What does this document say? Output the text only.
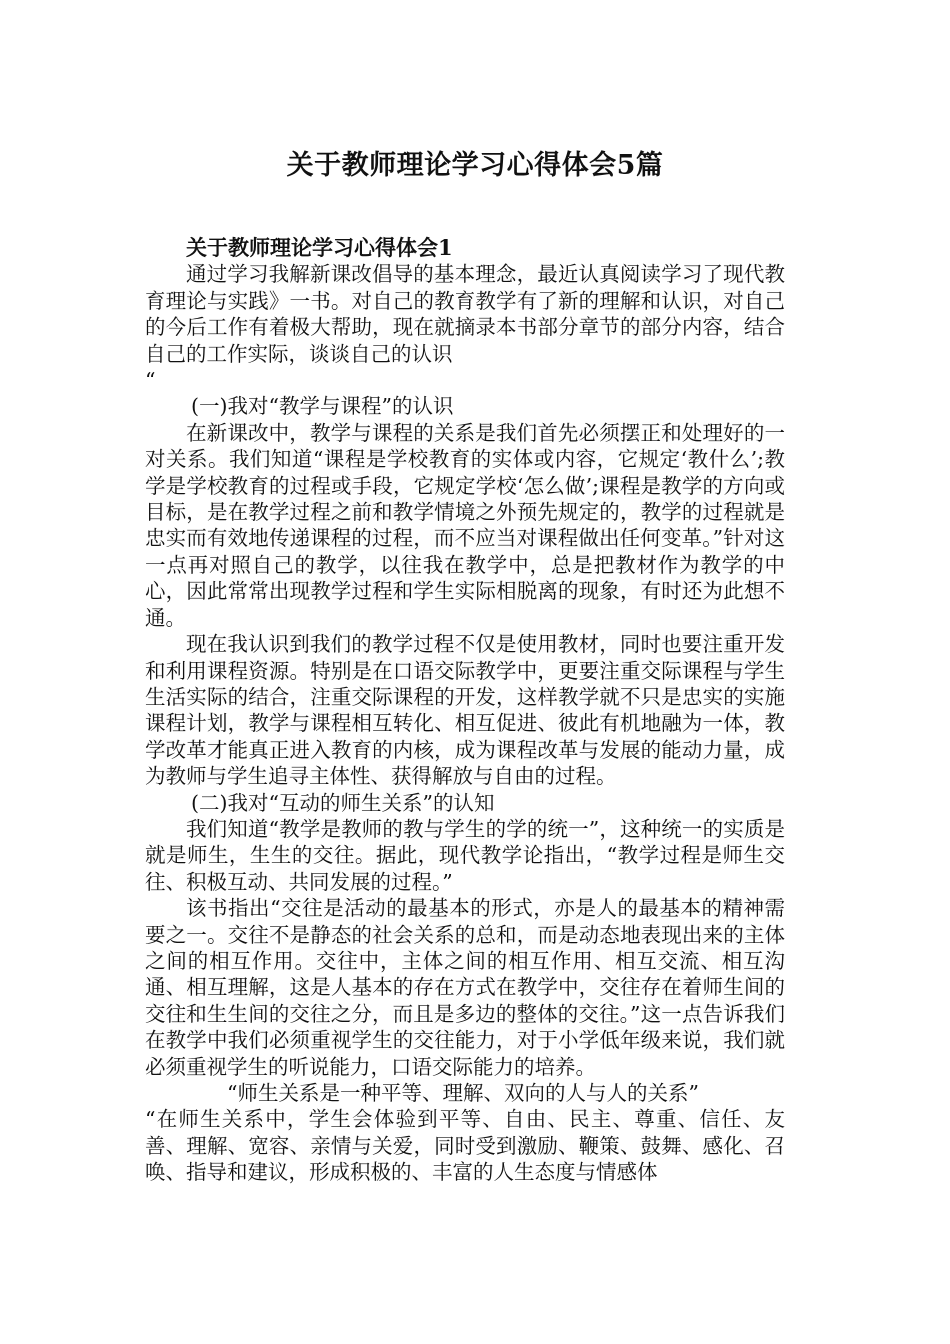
关于教师理论学习心得体会5篇

关于教师理论学习心得体会1

通过学习我解新课改倡导的基本理念，最近认真阅读学习了现代教育理论与实践》一书。对自己的教育教学有了新的理解和认识，对自己的今后工作有着极大帮助，现在就摘录本书部分章节的部分内容，结合自己的工作实际，谈谈自己的认识

“

(一)我对“教学与课程”的认识

在新课改中，教学与课程的关系是我们首先必须摆正和处理好的一对关系。我们知道“课程是学校教育的实体或内容，它规定‘教什么’;教学是学校教育的过程或手段，它规定学校‘怎么做’;课程是教学的方向或目标，是在教学过程之前和教学情境之外预先规定的，教学的过程就是忠实而有效地传递课程的过程，而不应当对课程做出任何变革。”针对这一点再对照自己的教学，以往我在教学中，总是把教材作为教学的中心，因此常常出现教学过程和学生实际相脱离的现象，有时还为此想不通。

现在我认识到我们的教学过程不仅是使用教材，同时也要注重开发和利用课程资源。特别是在口语交际教学中，更要注重交际课程与学生生活实际的结合，注重交际课程的开发，这样教学就不只是忠实的实施课程计划，教学与课程相互转化、相互促进、彼此有机地融为一体，教学改革才能真正进入教育的内核，成为课程改革与发展的能动力量，成为教师与学生追寻主体性、获得解放与自由的过程。

(二)我对“互动的师生关系”的认知

我们知道“教学是教师的教与学生的学的统一”，这种统一的实质是就是师生，生生的交往。据此，现代教学论指出，“教学过程是师生交往、积极互动、共同发展的过程。”

该书指出“交往是活动的最基本的形式，亦是人的最基本的精神需要之一。交往不是静态的社会关系的总和，而是动态地表现出来的主体之间的相互作用。交往中，主体之间的相互作用、相互交流、相互沟通、相互理解，这是人基本的存在方式在教学中，交往存在着师生间的交往和生生间的交往之分，而且是多边的整体的交往。”这一点告诉我们在教学中我们必须重视学生的交往能力，对于小学低年级来说，我们就必须重视学生的听说能力，口语交际能力的培养。

“师生关系是一种平等、理解、双向的人与人的关系”

“在师生关系中，学生会体验到平等、自由、民主、尊重、信任、友善、理解、宽容、亲情与关爱，同时受到激励、鞭策、鼓舞、感化、召唤、指导和建议，形成积极的、丰富的人生态度与情感体
